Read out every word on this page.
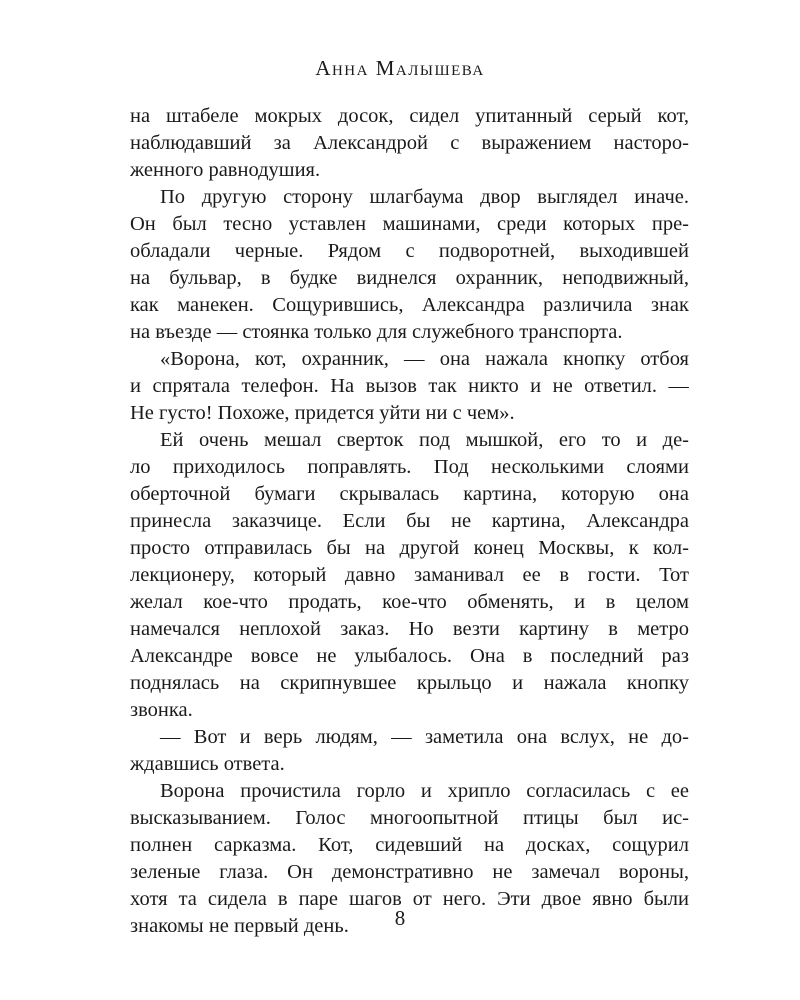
Анна Малышева
на штабеле мокрых досок, сидел упитанный серый кот,
наблюдавший за Александрой с выражением насторо-
женного равнодушия.
По другую сторону шлагбаума двор выглядел иначе.
Он был тесно уставлен машинами, среди которых пре-
обладали черные. Рядом с подворотней, выходившей
на бульвар, в будке виднелся охранник, неподвижный,
как манекен. Сощурившись, Александра различила знак
на въезде — стоянка только для служебного транспорта.
«Ворона, кот, охранник, — она нажала кнопку отбоя
и спрятала телефон. На вызов так никто и не ответил. —
Не густо! Похоже, придется уйти ни с чем».
Ей очень мешал сверток под мышкой, его то и де-
ло приходилось поправлять. Под несколькими слоями
оберточной бумаги скрывалась картина, которую она
принесла заказчице. Если бы не картина, Александра
просто отправилась бы на другой конец Москвы, к кол-
лекционеру, который давно заманивал ее в гости. Тот
желал кое-что продать, кое-что обменять, и в целом
намечался неплохой заказ. Но везти картину в метро
Александре вовсе не улыбалось. Она в последний раз
поднялась на скрипнувшее крыльцо и нажала кнопку
звонка.
— Вот и верь людям, — заметила она вслух, не до-
ждавшись ответа.
Ворона прочистила горло и хрипло согласилась с ее
высказыванием. Голос многоопытной птицы был ис-
полнен сарказма. Кот, сидевший на досках, сощурил
зеленые глаза. Он демонстративно не замечал вороны,
хотя та сидела в паре шагов от него. Эти двое явно были
знакомы не первый день.	8
